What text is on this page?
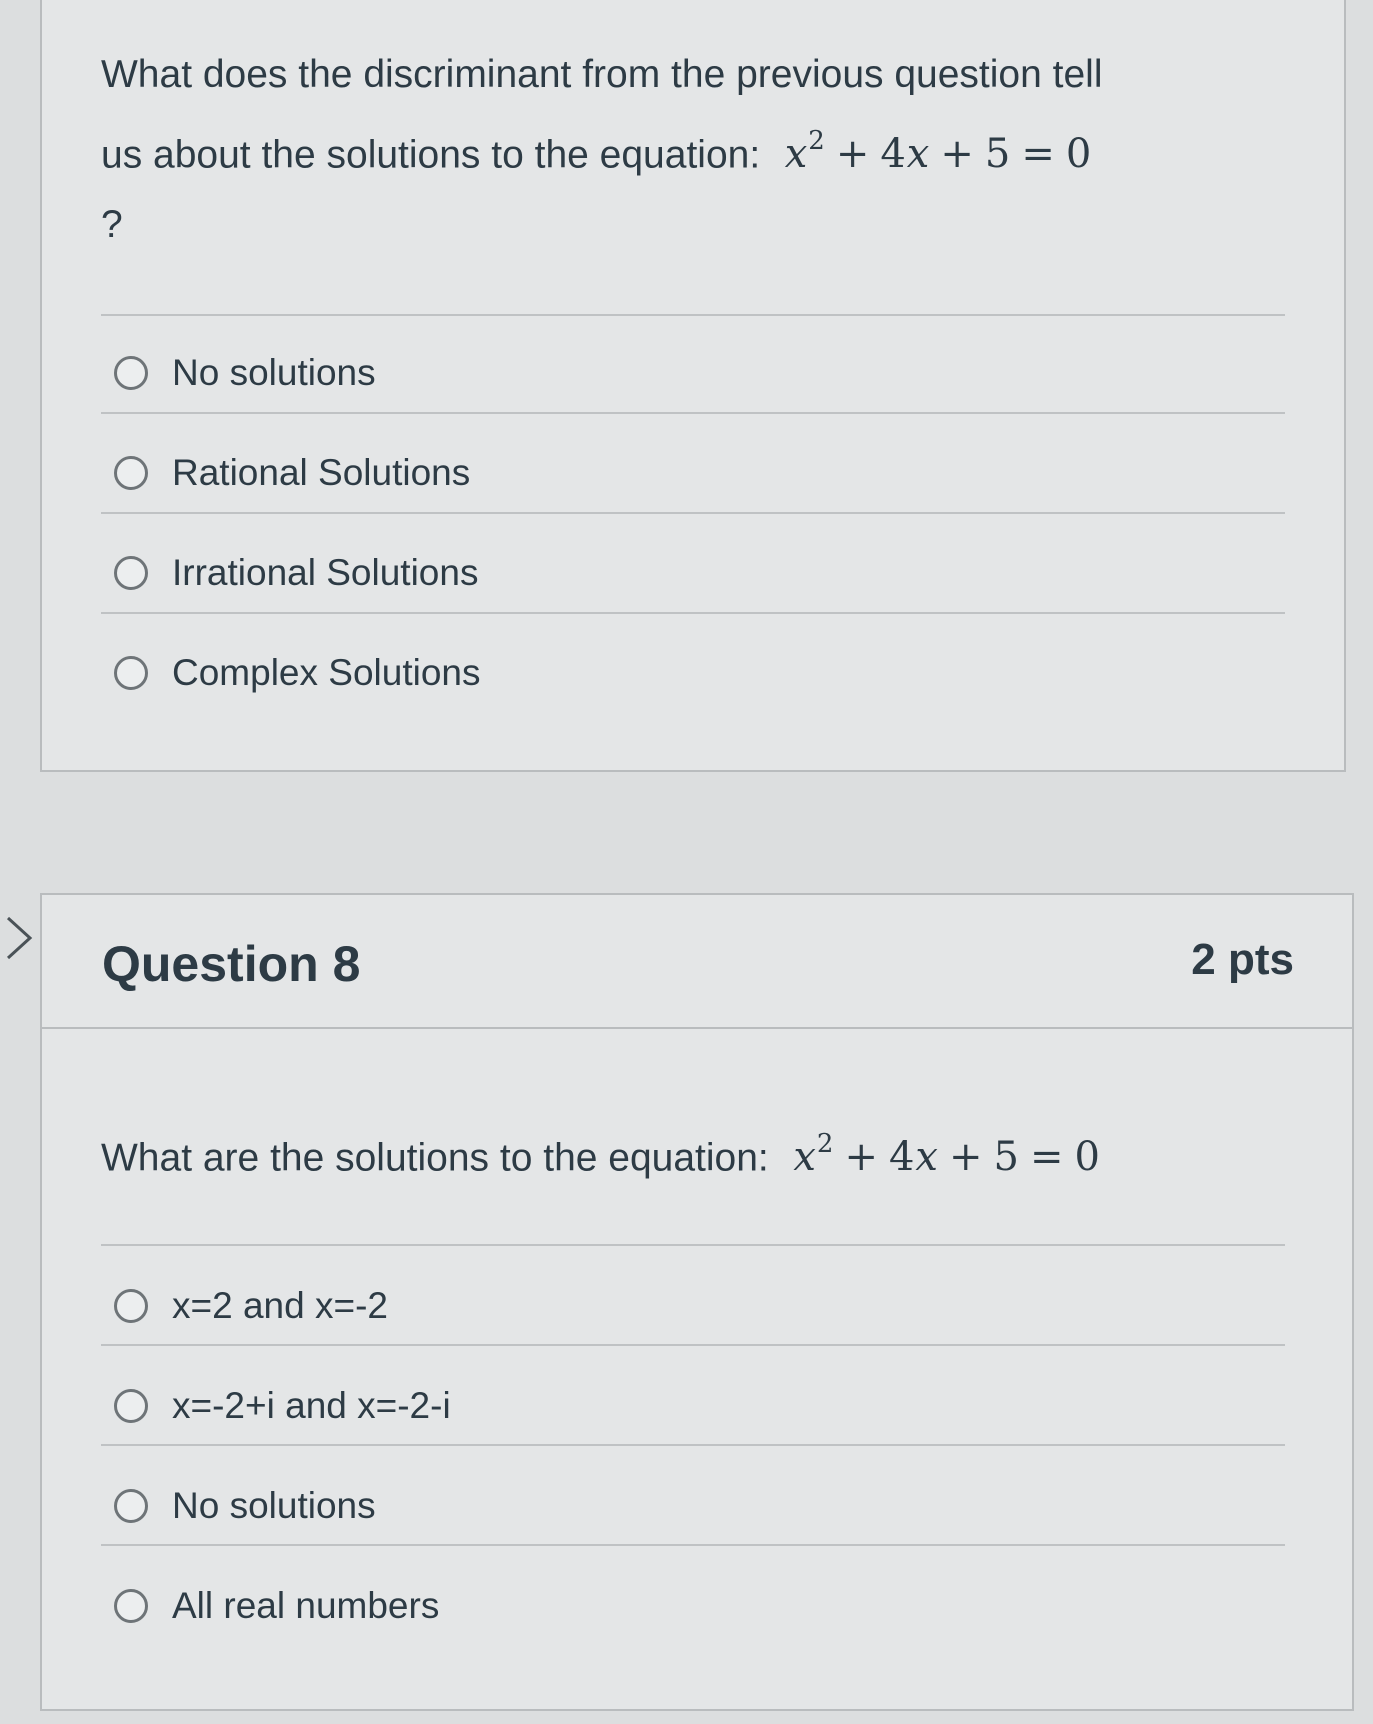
What does the discriminant from the previous question tell
us about the solutions to the equation: $x^2 + 4x + 5 = 0$
?
No solutions
Rational Solutions
Irrational Solutions
Complex Solutions
Question 8	2 pts
What are the solutions to the equation: $x^2 + 4x + 5 = 0$
x=2 and x=-2
x=-2+i and x=-2-i
No solutions
All real numbers
